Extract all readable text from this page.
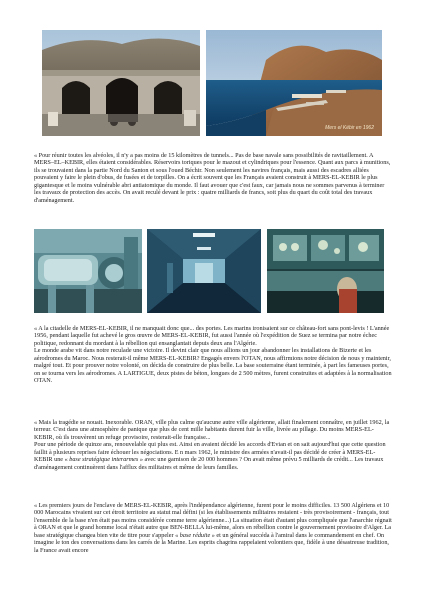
Mers el Kébir en 1962

« Pour réunir toutes les alvéoles, il n'y a pas moins de 15 kilomètres de tunnels... Pas de base navale sans possibilités de ravitaillement. A MERS–EL–KEBIR, elles étaient considérables. Réservoirs toriques pour le mazout et cylindriques pour l'essence. Quant aux parcs à munitions, ils se trouvaient dans la partie Nord du Santon et sous l'oued Béchir. Non seulement les navires français, mais aussi des escadres alliées pouvaient y faire le plein d'obus, de fusées et de torpilles. On a écrit souvent que les Français avaient construit à MERS-EL-KEBIR le plus gigantesque et le moins vulnérable abri antiatomique du monde. Il faut avouer que c'est faux, car jamais nous ne sommes parvenus à terminer les travaux de protection des accès. On avait reculé devant le prix : quatre milliards de francs, soit plus du quart du coût total des travaux d'aménagement.

« A la citadelle de MERS-EL-KEBIR, il ne manquait donc que... des portes. Les marins ironisaient sur ce château-fort sans pont-levis ! L'année 1956, pendant laquelle fut achevé le gros œuvre de MERS-EL-KEBIR, fut aussi l'année où l'expédition de Suez se termina par notre échec politique, redonnant du mordant à la rébellion qui ensanglantait depuis deux ans l'Algérie.

Le monde arabe vit dans notre reculade une victoire. Il devint clair que nous allions un jour abandonner les installations de Bizerte et les aérodromes du Maroc. Nous resterait-il même MERS-EL-KEBIR? Engagés envers l'OTAN, nous affirmions notre décision de nous y maintenir, malgré tout. Et pour prouver notre volonté, on décida de construire de plus belle. La base souterraine étant terminée, à part les fameuses portes, on se tourna vers les aérodromes. A LARTIGUE, deux pistes de béton, longues de 2 500 mètres, furent construites et adaptées à la normalisation OTAN.

« Mais la tragédie se nouait. Inexorable. ORAN, ville plus calme qu'aucune autre ville algérienne, allait finalement connaître, en juillet 1962, la terreur. C'est dans une atmosphère de panique que plus de cent mille habitants durent fuir la ville, livrée au pillage. Du moins MERS-EL-KEBIR, où ils trouvèrent un refuge provisoire, resterait-elle française...

Pour une période de quinze ans, renouvelable qui plus est. Ainsi en avaient décidé les accords d'Evian et on sait aujourd'hui que cette question faillit à plusieurs reprises faire échouer les négociations. E n mars 1962, le ministre des armées n'avait-il pas décidé de créer à MERS-EL-KEBIR une « base stratégique interarmes » avec une garnison de 20 000 hommes ? On avait même prévu 5 milliards de crédit... Les travaux d'aménagement continuèrent dans l'afflux des militaires et même de leurs familles.

« Les premiers jours de l'enclave de MERS-EL-KEBIR, après l'indépendance algérienne, furent pour le moins difficiles. 13 500 Algériens et 10 000 Marocains vivaient sur cet étroit territoire au statut mal défini (si les établissements militaires restaient - très provisoirement - français, tout l'ensemble de la base n'en était pas moins considérée comme terre algérienne...) La situation était d'autant plus compliquée que l'anarchie régnait à ORAN et que le grand homme local n'était autre que BEN-BELLA lui-même, alors en rébellion contre le gouvernement provisoire d'Alger. La base stratégique changea bien vite de titre pour s'appeler « base réduite » et un général succéda à l'amiral dans le commandement en chef. On imagine le ton des conversations dans les carrés de la Marine. Les esprits chagrins rappelaient volontiers que, fidèle à une désastreuse tradition, la France avait encore
